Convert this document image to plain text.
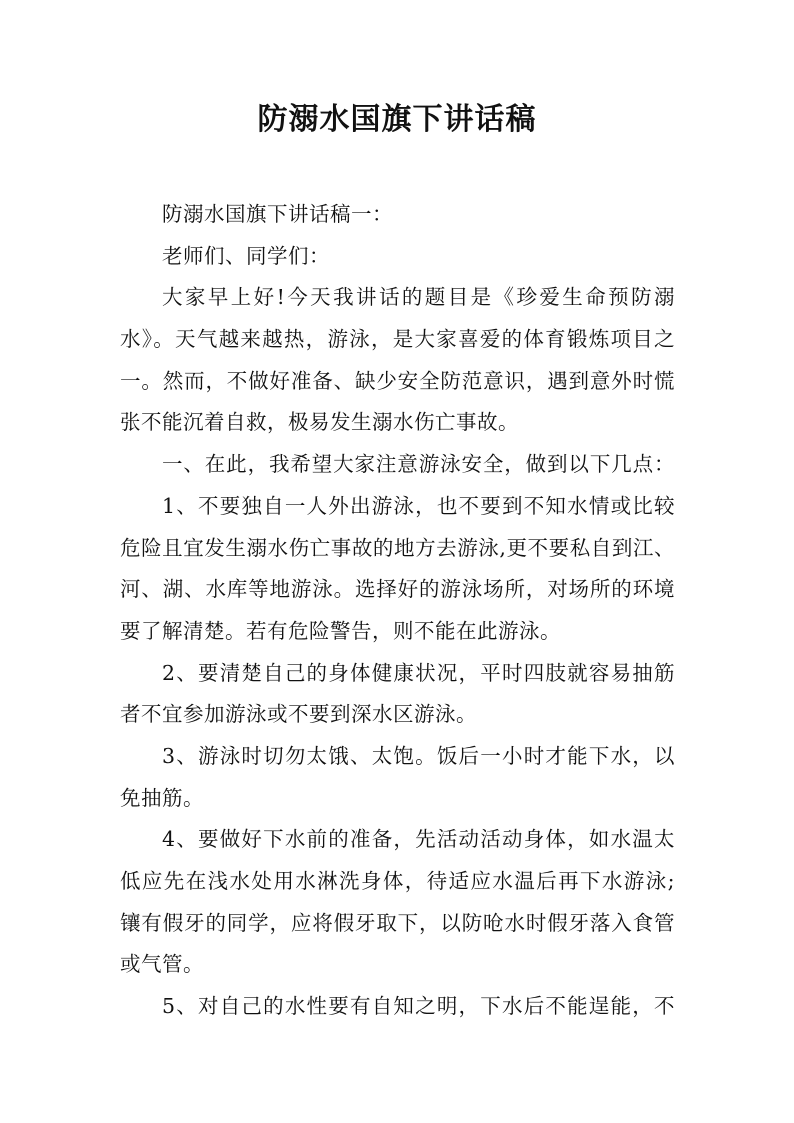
防溺水国旗下讲话稿
防溺水国旗下讲话稿一：
老师们、同学们：
大家早上好!今天我讲话的题目是《珍爱生命预防溺
水》。天气越来越热，游泳，是大家喜爱的体育锻炼项目之
一。然而，不做好准备、缺少安全防范意识，遇到意外时慌
张不能沉着自救，极易发生溺水伤亡事故。
一、在此，我希望大家注意游泳安全，做到以下几点：
1、不要独自一人外出游泳，也不要到不知水情或比较
危险且宜发生溺水伤亡事故的地方去游泳,更不要私自到江、
河、湖、水库等地游泳。选择好的游泳场所，对场所的环境
要了解清楚。若有危险警告，则不能在此游泳。
2、要清楚自己的身体健康状况，平时四肢就容易抽筋
者不宜参加游泳或不要到深水区游泳。
3、游泳时切勿太饿、太饱。饭后一小时才能下水，以
免抽筋。
4、要做好下水前的准备，先活动活动身体，如水温太
低应先在浅水处用水淋洗身体，待适应水温后再下水游泳;
镶有假牙的同学，应将假牙取下，以防呛水时假牙落入食管
或气管。
5、对自己的水性要有自知之明，下水后不能逞能，不
